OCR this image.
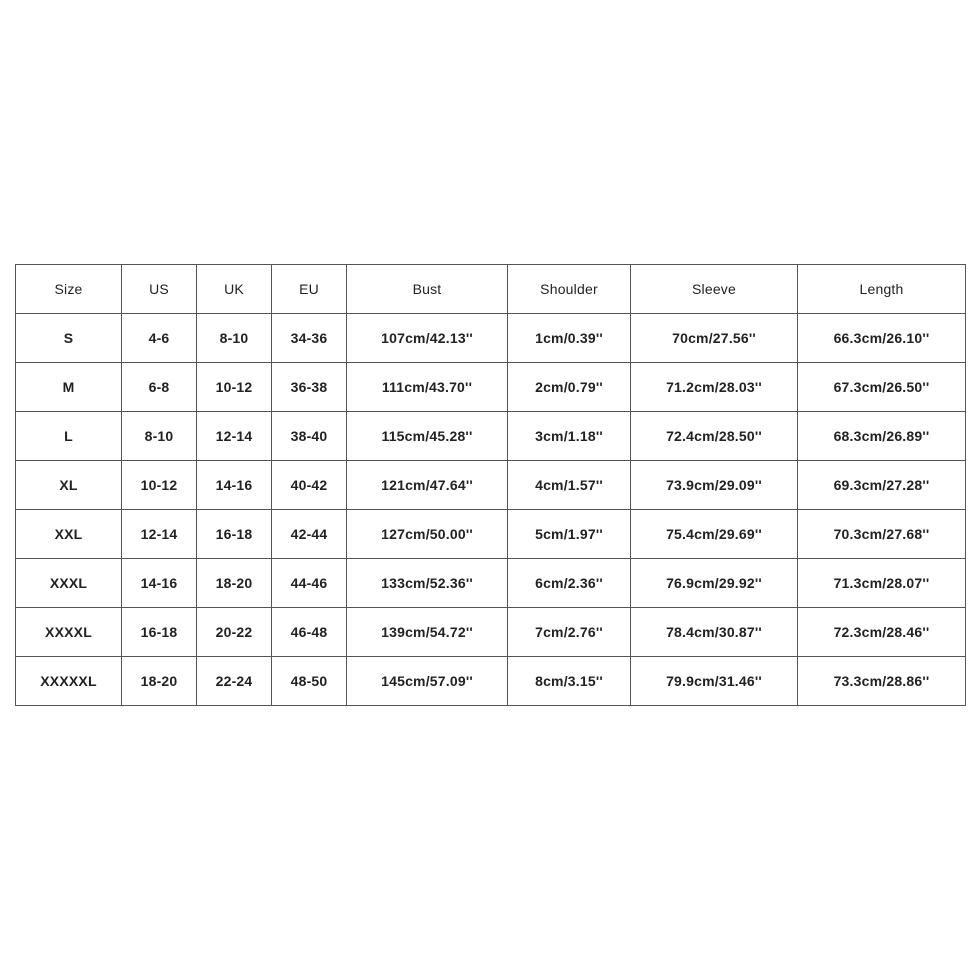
Size	US	UK	EU	Bust	Shoulder	Sleeve	Length
S	4-6	8-10	34-36	107cm/42.13''	1cm/0.39''	70cm/27.56''	66.3cm/26.10''
M	6-8	10-12	36-38	111cm/43.70''	2cm/0.79''	71.2cm/28.03''	67.3cm/26.50''
L	8-10	12-14	38-40	115cm/45.28''	3cm/1.18''	72.4cm/28.50''	68.3cm/26.89''
XL	10-12	14-16	40-42	121cm/47.64''	4cm/1.57''	73.9cm/29.09''	69.3cm/27.28''
XXL	12-14	16-18	42-44	127cm/50.00''	5cm/1.97''	75.4cm/29.69''	70.3cm/27.68''
XXXL	14-16	18-20	44-46	133cm/52.36''	6cm/2.36''	76.9cm/29.92''	71.3cm/28.07''
XXXXL	16-18	20-22	46-48	139cm/54.72''	7cm/2.76''	78.4cm/30.87''	72.3cm/28.46''
XXXXXL	18-20	22-24	48-50	145cm/57.09''	8cm/3.15''	79.9cm/31.46''	73.3cm/28.86''
